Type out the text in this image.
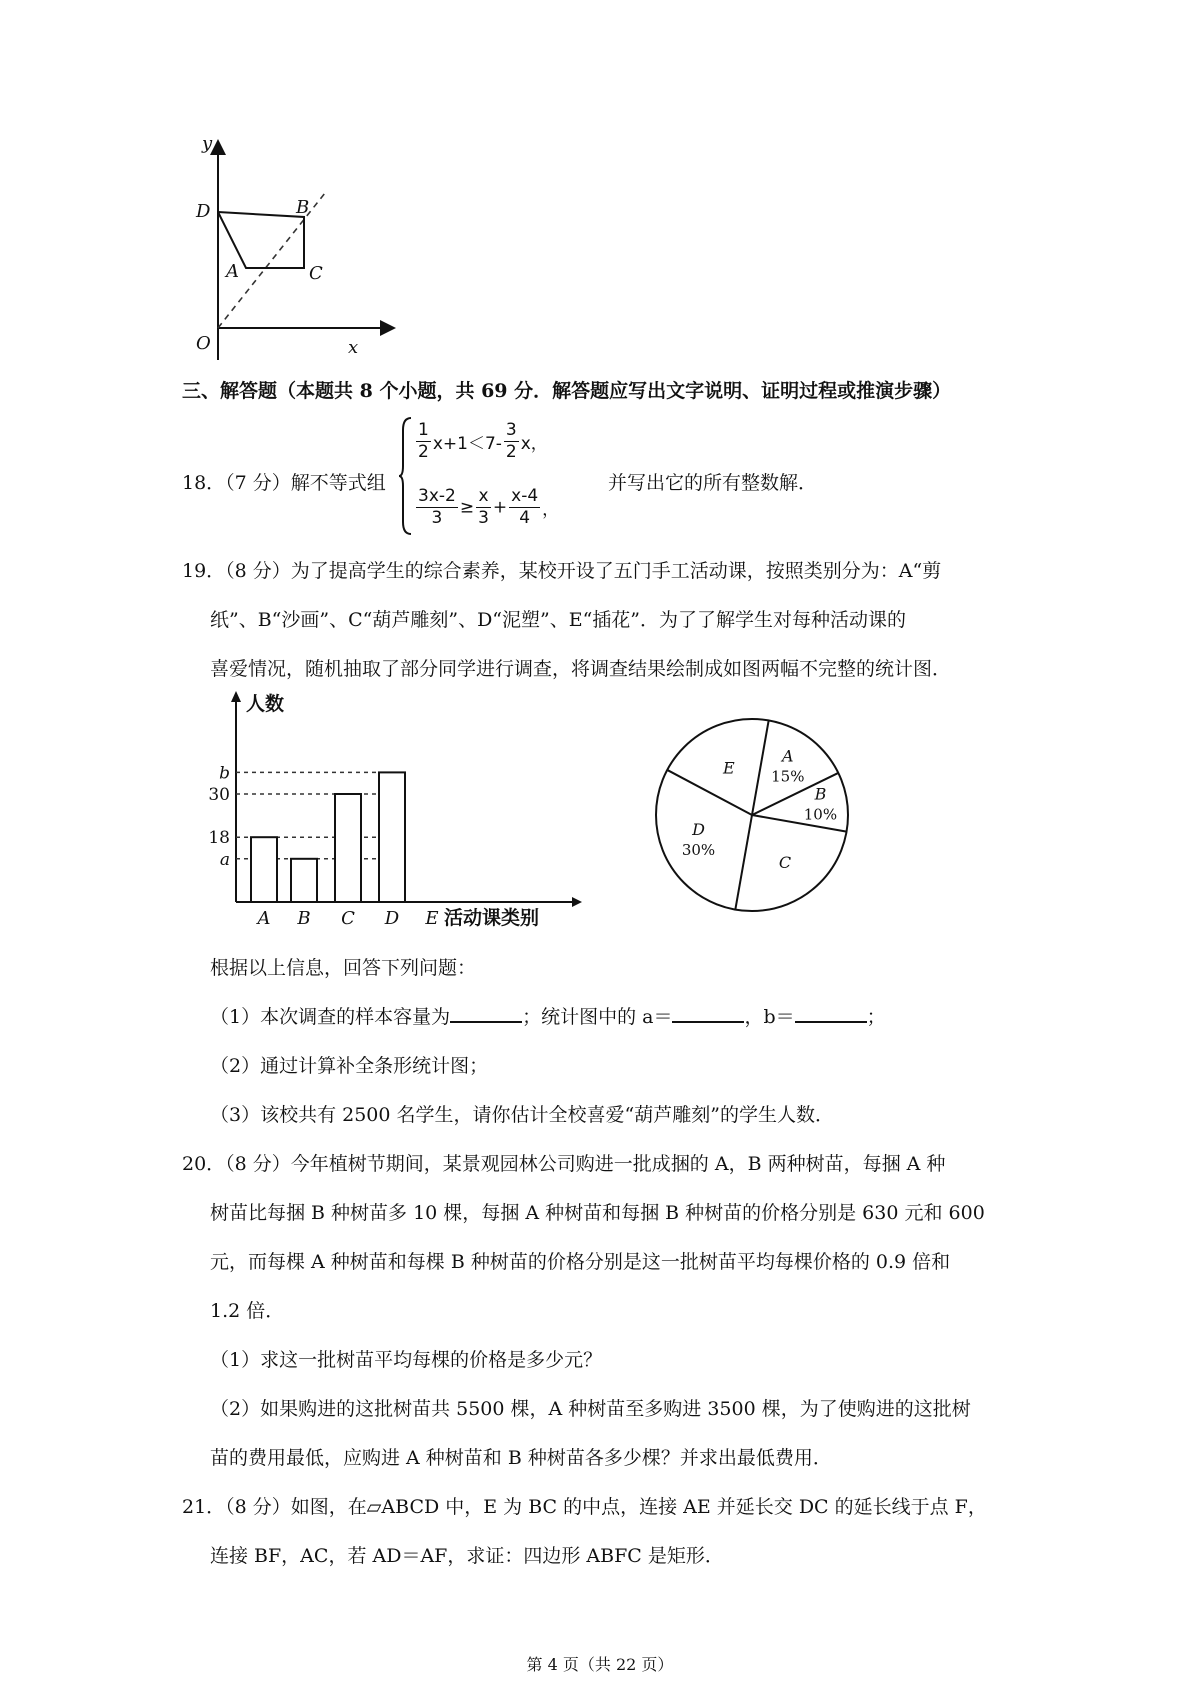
y
x
O
D	B
A	C
三、解答题（本题共 8 个小题，共 69 分．解答题应写出文字说明、证明过程或推演步骤）
18．（7 分）解不等式组
$\frac{1}{2} x+1<7- \frac{3}{2}$ x，
$\frac{3x-2}{3} \ge \frac{x}{3} + \frac{x-4}{4}$ ，
并写出它的所有整数解．
19．（8 分）为了提高学生的综合素养，某校开设了五门手工活动课，按照类别分为：A“剪
纸”、B“沙画”、C“葫芦雕刻”、D“泥塑”、E“插花”．为了了解学生对每种活动课的
喜爱情况，随机抽取了部分同学进行调查，将调查结果绘制成如图两幅不完整的统计图．
人数
a
18
30
b
A B C D E 活动课类别
A
15%
B
10%
C
D
30%
E
根据以上信息，回答下列问题：
（1）本次调查的样本容量为	；统计图中的 a＝	，b＝	；
（2）通过计算补全条形统计图；
（3）该校共有 2500 名学生，请你估计全校喜爱“葫芦雕刻”的学生人数．
20．（8 分）今年植树节期间，某景观园林公司购进一批成捆的 A，B 两种树苗，每捆 A 种
树苗比每捆 B 种树苗多 10 棵，每捆 A 种树苗和每捆 B 种树苗的价格分别是 630 元和 600
元，而每棵 A 种树苗和每棵 B 种树苗的价格分别是这一批树苗平均每棵价格的 0.9 倍和
1.2 倍．
（1）求这一批树苗平均每棵的价格是多少元？
（2）如果购进的这批树苗共 5500 棵，A 种树苗至多购进 3500 棵，为了使购进的这批树
苗的费用最低，应购进 A 种树苗和 B 种树苗各多少棵？并求出最低费用．
21．（8 分）如图，在▱ABCD 中，E 为 BC 的中点，连接 AE 并延长交 DC 的延长线于点 F，
连接 BF，AC，若 AD＝AF，求证：四边形 ABFC 是矩形．
第 4 页（共 22 页）
